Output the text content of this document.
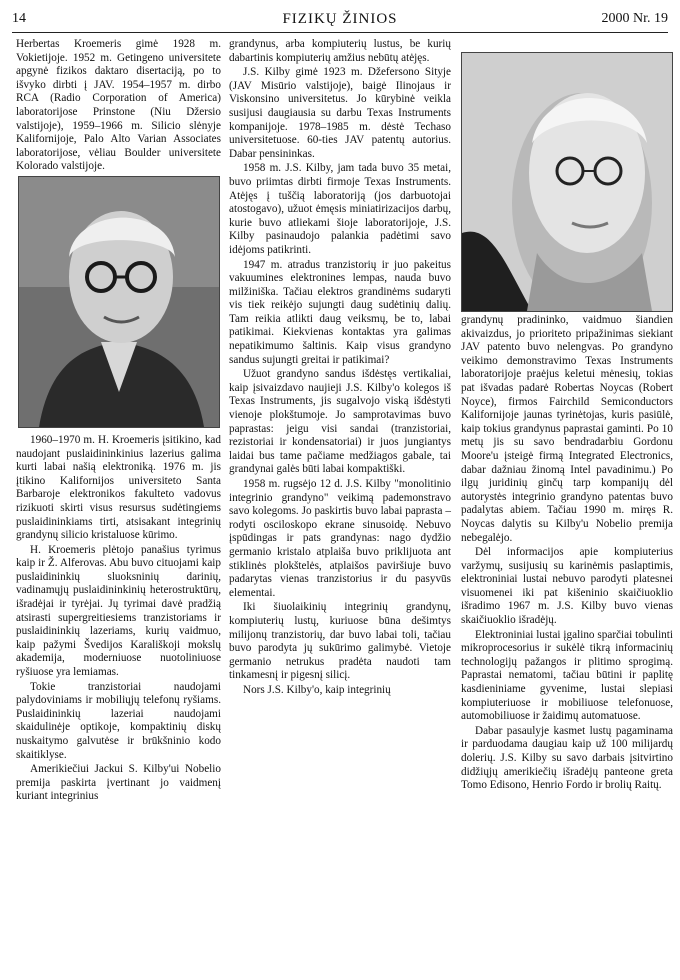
14	FIZIKŲ ŽINIOS	2000 Nr. 19

Herbertas Kroemeris gimė 1928 m. Vokietijoje. 1952 m. Getingeno universitete apgynė fizikos daktaro disertaciją, po to išvyko dirbti į JAV. 1954–1957 m. dirbo RCA (Radio Corporation of America) laboratorijose Prinstone (Niu Džersio valstijoje), 1959–1966 m. Silicio slėnyje Kalifornijoje, Palo Alto Varian Associates laboratorijose, vėliau Boulder universitete Kolorado valstijoje.

1960–1970 m. H. Kroemeris įsitikino, kad naudojant puslaidininkinius lazerius galima kurti labai našią elektroniką. 1976 m. jis įtikino Kalifornijos universiteto Santa Barbaroje elektronikos fakulteto vadovus rizikuoti skirti visus resursus sudėtingiems puslaidininkiams tirti, atsisakant integrinių grandynų silicio kristaluose kūrimo.

H. Kroemeris plėtojo panašius tyrimus kaip ir Ž. Alferovas. Abu buvo cituojami kaip puslaidininkių sluoksninių darinių, vadinamųjų puslaidininkinių heterostruktūrų, išradėjai ir tyrėjai. Jų tyrimai davė pradžią atsirasti supergreitiesiems tranzistoriams ir puslaidininkių lazeriams, kurių vaidmuo, kaip pažymi Švedijos Karališkoji mokslų akademija, moderniuose nuotoliniuose ryšiuose yra lemiamas.

Tokie tranzistoriai naudojami palydoviniams ir mobiliųjų telefonų ryšiams. Puslaidininkių lazeriai naudojami skaidulinėje optikoje, kompaktinių diskų nuskaitymo galvutėse ir brūkšninio kodo skaitiklyse.

Amerikiečiui Jackui S. Kilby'ui Nobelio premija paskirta įvertinant jo vaidmenį kuriant integrinius

grandynus, arba kompiuterių lustus, be kurių dabartinis kompiuterių amžius nebūtų atėjęs.

J.S. Kilby gimė 1923 m. Džefersono Sityje (JAV Misūrio valstijoje), baigė Ilinojaus ir Viskonsino universitetus. Jo kūrybinė veikla susijusi daugiausia su darbu Texas Instruments kompanijoje. 1978–1985 m. dėstė Techaso universitetuose. 60-ties JAV patentų autorius. Dabar pensininkas.

1958 m. J.S. Kilby, jam tada buvo 35 metai, buvo priimtas dirbti firmoje Texas Instruments. Atėjęs į tuščią laboratoriją (jos darbuotojai atostogavo), užuot ėmęsis miniatirizacijos darbų, kurie buvo atliekami šioje laboratorijoje, J.S. Kilby pasinaudojo palankia padėtimi savo idėjoms patikrinti.

1947 m. atradus tranzistorių ir juo pakeitus vakuumines elektronines lempas, nauda buvo milžiniška. Tačiau elektros grandinėms sudaryti vis tiek reikėjo sujungti daug sudėtinių dalių. Tam reikia atlikti daug veiksmų, be to, labai patikimai. Kiekvienas kontaktas yra galimas nepatikimumo šaltinis. Kaip visus grandyno sandus sujungti greitai ir patikimai?

Užuot grandyno sandus išdėstęs vertikaliai, kaip įsivaizdavo naujieji J.S. Kilby'o kolegos iš Texas Instruments, jis sugalvojo viską išdėstyti vienoje plokštumoje. Jo samprotavimas buvo paprastas: jeigu visi sandai (tranzistoriai, rezistoriai ir kondensatoriai) ir juos jungiantys laidai bus tame pačiame medžiagos gabale, tai grandynai galės būti labai kompaktiški.

1958 m. rugsėjo 12 d. J.S. Kilby "monolitinio integrinio grandyno" veikimą pademonstravo savo kolegoms. Jo paskirtis buvo labai paprasta – rodyti osciloskopo ekrane sinusoidę. Nebuvo įspūdingas ir pats grandynas: nago dydžio germanio kristalo atplaiša buvo priklijuota ant stiklinės plokštelės, atplaišos paviršiuje buvo padarytas vienas tranzistorius ir du pasyvūs elementai.

Iki šiuolaikinių integrinių grandynų, kompiuterių lustų, kuriuose būna dešimtys milijonų tranzistorių, dar buvo labai toli, tačiau buvo parodyta jų sukūrimo galimybė. Vietoje germanio netrukus pradėta naudoti tam tinkamesnį ir pigesnį silicį.

Nors J.S. Kilby'o, kaip integrinių

grandynų pradininko, vaidmuo šiandien akivaizdus, jo prioriteto pripažinimas siekiant JAV patento buvo nelengvas. Po grandyno veikimo demonstravimo Texas Instruments laboratorijoje praėjus keletui mėnesių, tokias pat išvadas padarė Robertas Noycas (Robert Noyce), firmos Fairchild Semiconductors Kalifornijoje jaunas tyrinėtojas, kuris pasiūlė, kaip tokius grandynus paprastai gaminti. Po 10 metų jis su savo bendradarbiu Gordonu Moore'u įsteigė firmą Integrated Electronics, dabar dažniau žinomą Intel pavadinimu.) Po ilgų juridinių ginčų tarp kompanijų dėl autorystės integrinio grandyno patentas buvo padalytas abiem. Tačiau 1990 m. miręs R. Noycas dalytis su Kilby'u Nobelio premija nebegalėjo.

Dėl informacijos apie kompiuterius varžymų, susijusių su karinėmis paslaptimis, elektroniniai lustai nebuvo parodyti platesnei visuomenei iki pat kišeninio skaičiuoklio išradimo 1967 m. J.S. Kilby buvo vienas skaičiuoklio išradėjų.

Elektroniniai lustai įgalino sparčiai tobulinti mikroprocesorius ir sukėlė tikrą informacinių technologijų pažangos ir plitimo sprogimą. Paprastai nematomi, tačiau būtini ir paplitę kasdieniniame gyvenime, lustai slepiasi kompiuteriuose ir mobiliuose telefonuose, automobiliuose ir žaidimų automatuose.

Dabar pasaulyje kasmet lustų pagaminama ir parduodama daugiau kaip už 100 milijardų dolerių. J.S. Kilby su savo darbais įsitvirtino didžiųjų amerikiečių išradėjų panteone greta Tomo Edisono, Henrio Fordo ir brolių Raitų.
